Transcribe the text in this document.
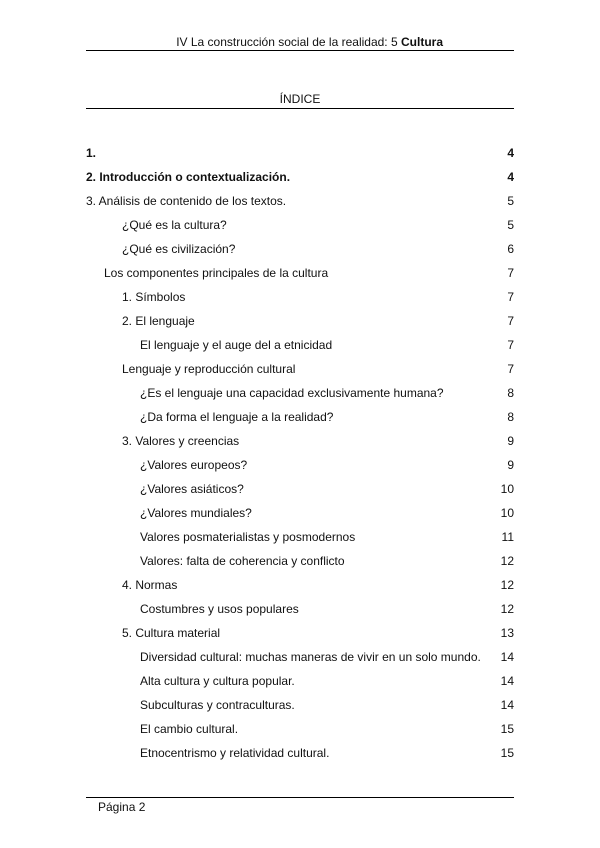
IV La construcción social de la realidad: 5 Cultura
ÍNDICE
1.	4
2. Introducción o contextualización.	4
3. Análisis de contenido de los textos.	5
¿Qué es la cultura?	5
¿Qué es civilización?	6
Los componentes principales de la cultura	7
1. Símbolos	7
2. El lenguaje	7
El lenguaje y el auge del a etnicidad	7
Lenguaje y reproducción cultural	7
¿Es el lenguaje una capacidad exclusivamente humana?	8
¿Da forma el lenguaje a la realidad?	8
3. Valores y creencias	9
¿Valores europeos?	9
¿Valores asiáticos?	10
¿Valores mundiales?	10
Valores posmaterialistas y posmodernos	11
Valores: falta de coherencia y conflicto	12
4. Normas	12
Costumbres y usos populares	12
5. Cultura material	13
Diversidad cultural: muchas maneras de vivir en un solo mundo. 14
Alta cultura y cultura popular.	14
Subculturas y contraculturas.	14
El cambio cultural.	15
Etnocentrismo y relatividad cultural.	15
Página 2
